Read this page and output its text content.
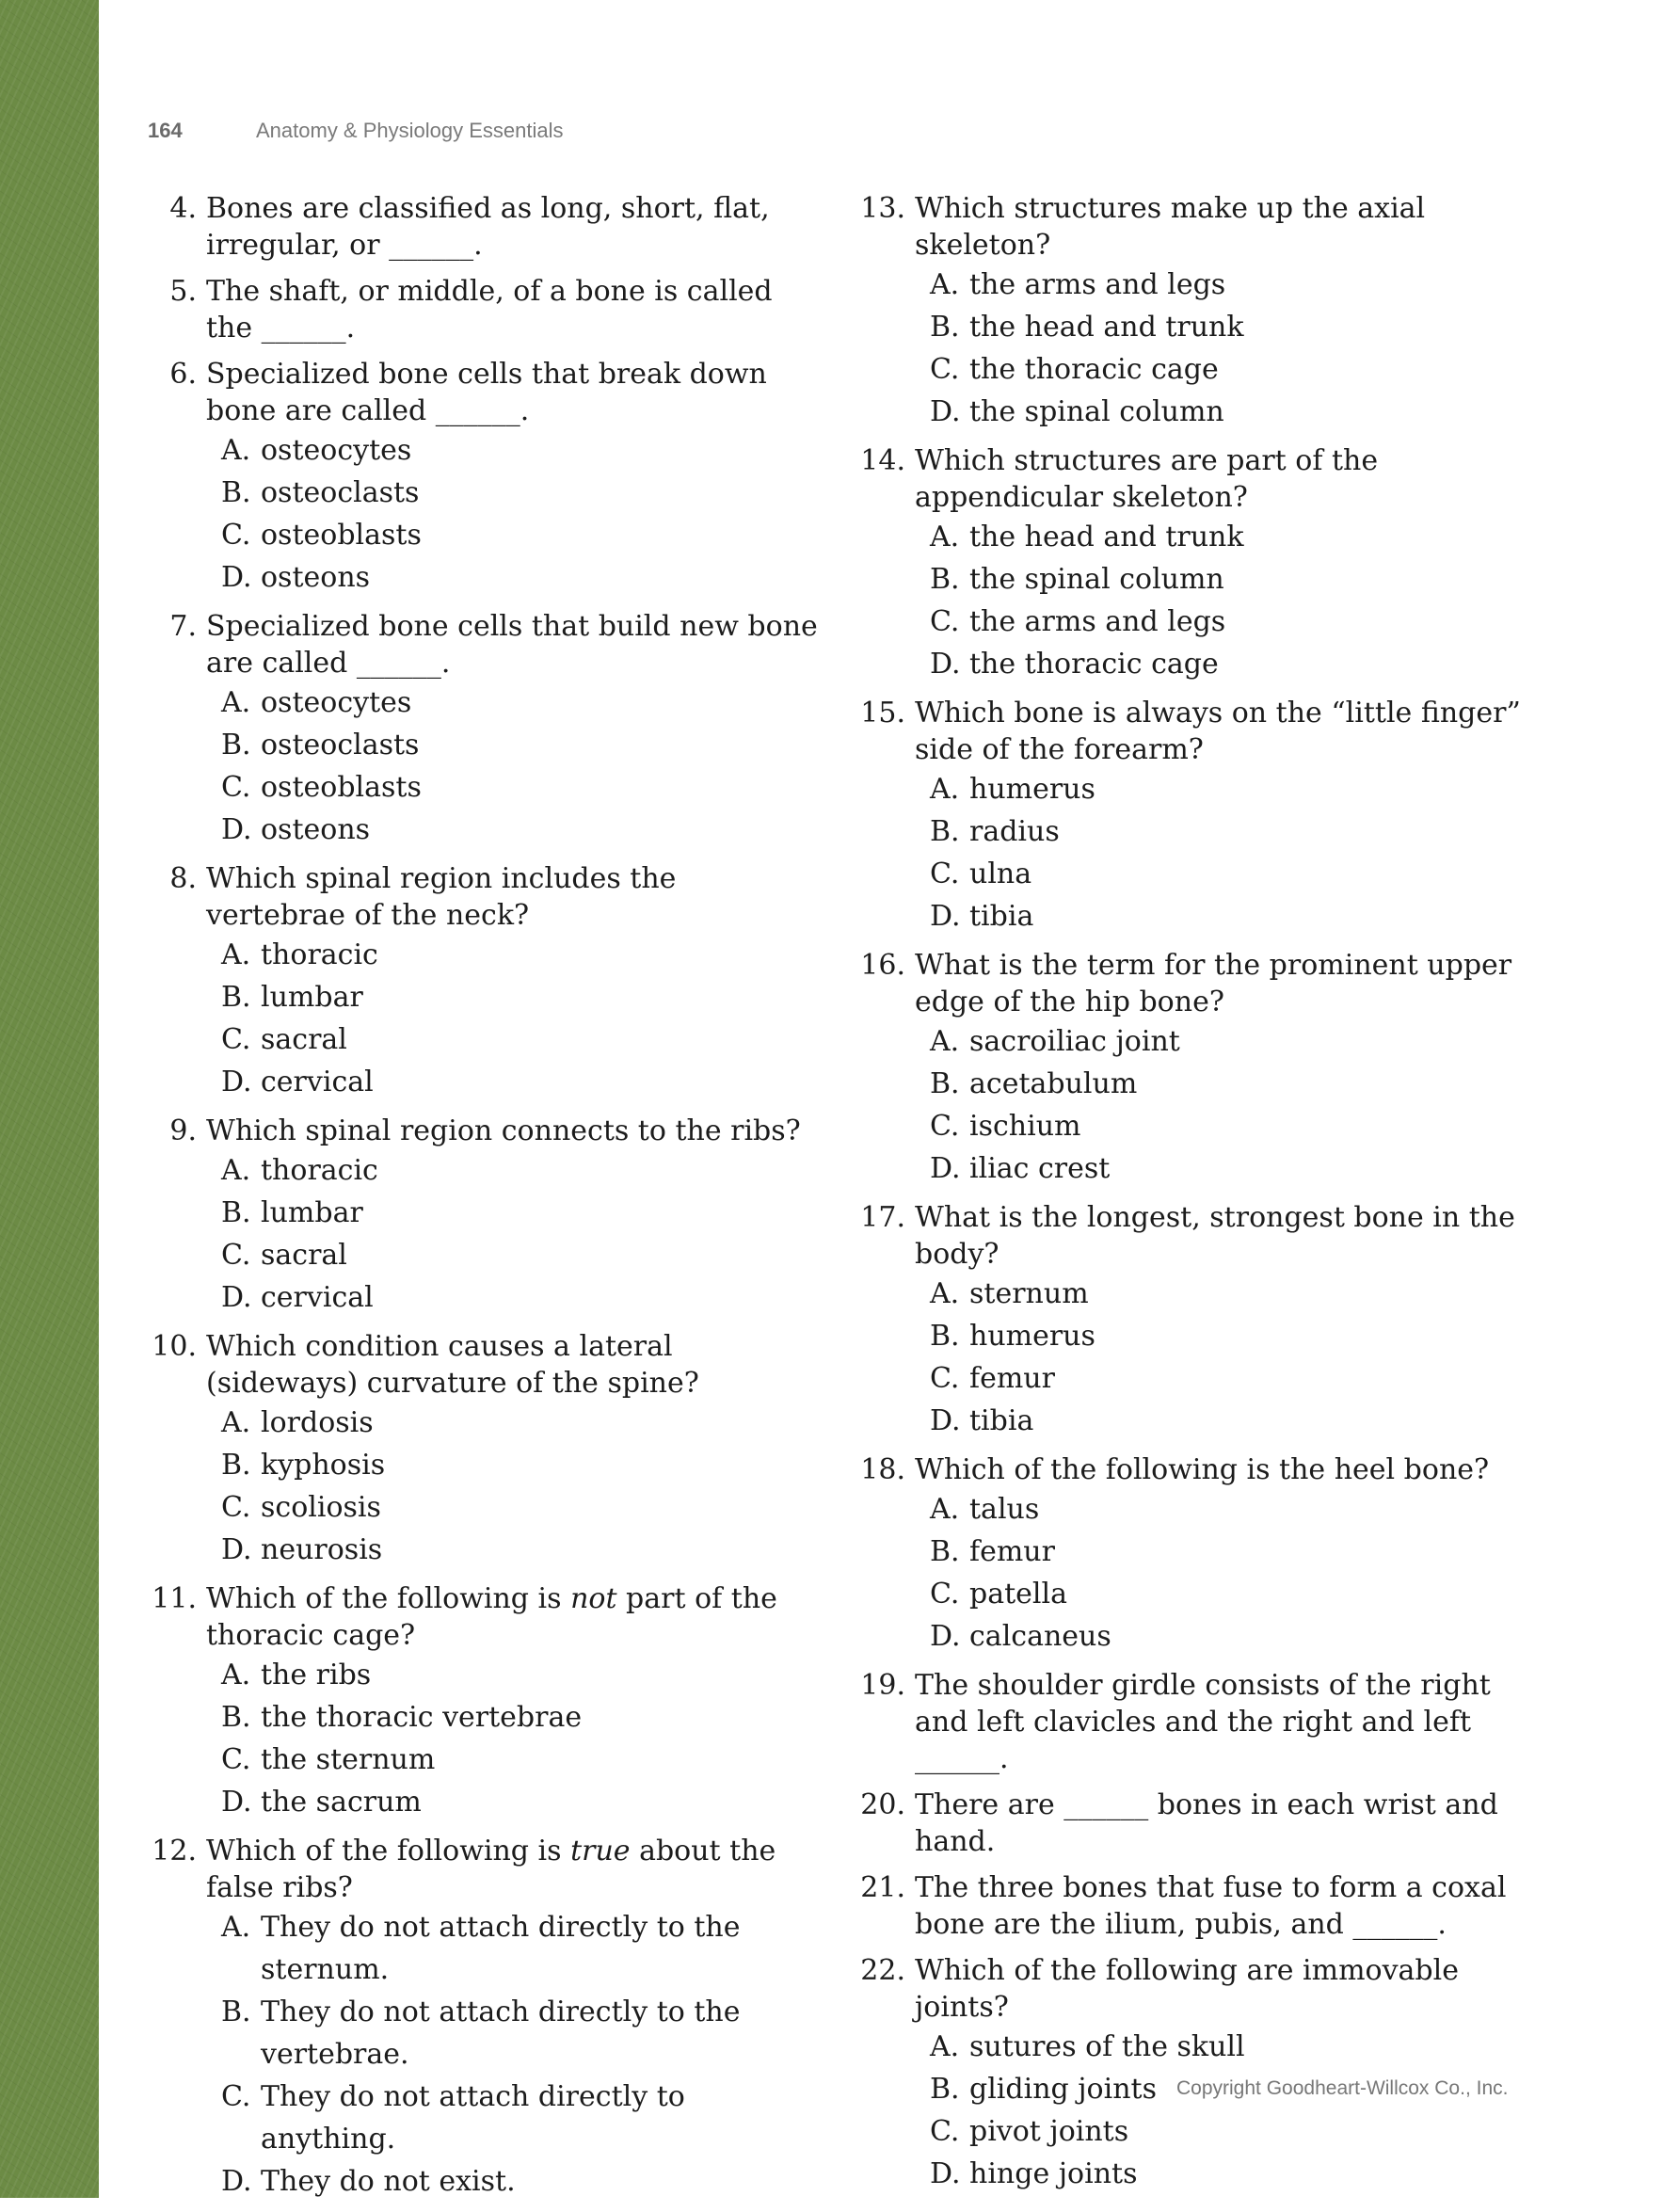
164	Anatomy & Physiology Essentials
4. Bones are classified as long, short, flat, irregular, or ______.
5. The shaft, or middle, of a bone is called the ______.
6. Specialized bone cells that break down bone are called ______.
A. osteocytes
B. osteoclasts
C. osteoblasts
D. osteons
7. Specialized bone cells that build new bone are called ______.
A. osteocytes
B. osteoclasts
C. osteoblasts
D. osteons
8. Which spinal region includes the vertebrae of the neck?
A. thoracic
B. lumbar
C. sacral
D. cervical
9. Which spinal region connects to the ribs?
A. thoracic
B. lumbar
C. sacral
D. cervical
10. Which condition causes a lateral (sideways) curvature of the spine?
A. lordosis
B. kyphosis
C. scoliosis
D. neurosis
11. Which of the following is not part of the thoracic cage?
A. the ribs
B. the thoracic vertebrae
C. the sternum
D. the sacrum
12. Which of the following is true about the false ribs?
A. They do not attach directly to the sternum.
B. They do not attach directly to the vertebrae.
C. They do not attach directly to anything.
D. They do not exist.
13. Which structures make up the axial skeleton?
A. the arms and legs
B. the head and trunk
C. the thoracic cage
D. the spinal column
14. Which structures are part of the appendicular skeleton?
A. the head and trunk
B. the spinal column
C. the arms and legs
D. the thoracic cage
15. Which bone is always on the “little finger” side of the forearm?
A. humerus
B. radius
C. ulna
D. tibia
16. What is the term for the prominent upper edge of the hip bone?
A. sacroiliac joint
B. acetabulum
C. ischium
D. iliac crest
17. What is the longest, strongest bone in the body?
A. sternum
B. humerus
C. femur
D. tibia
18. Which of the following is the heel bone?
A. talus
B. femur
C. patella
D. calcaneus
19. The shoulder girdle consists of the right and left clavicles and the right and left ______.
20. There are ______ bones in each wrist and hand.
21. The three bones that fuse to form a coxal bone are the ilium, pubis, and ______.
22. Which of the following are immovable joints?
A. sutures of the skull
B. gliding joints
C. pivot joints
D. hinge joints
Copyright Goodheart-Willcox Co., Inc.
